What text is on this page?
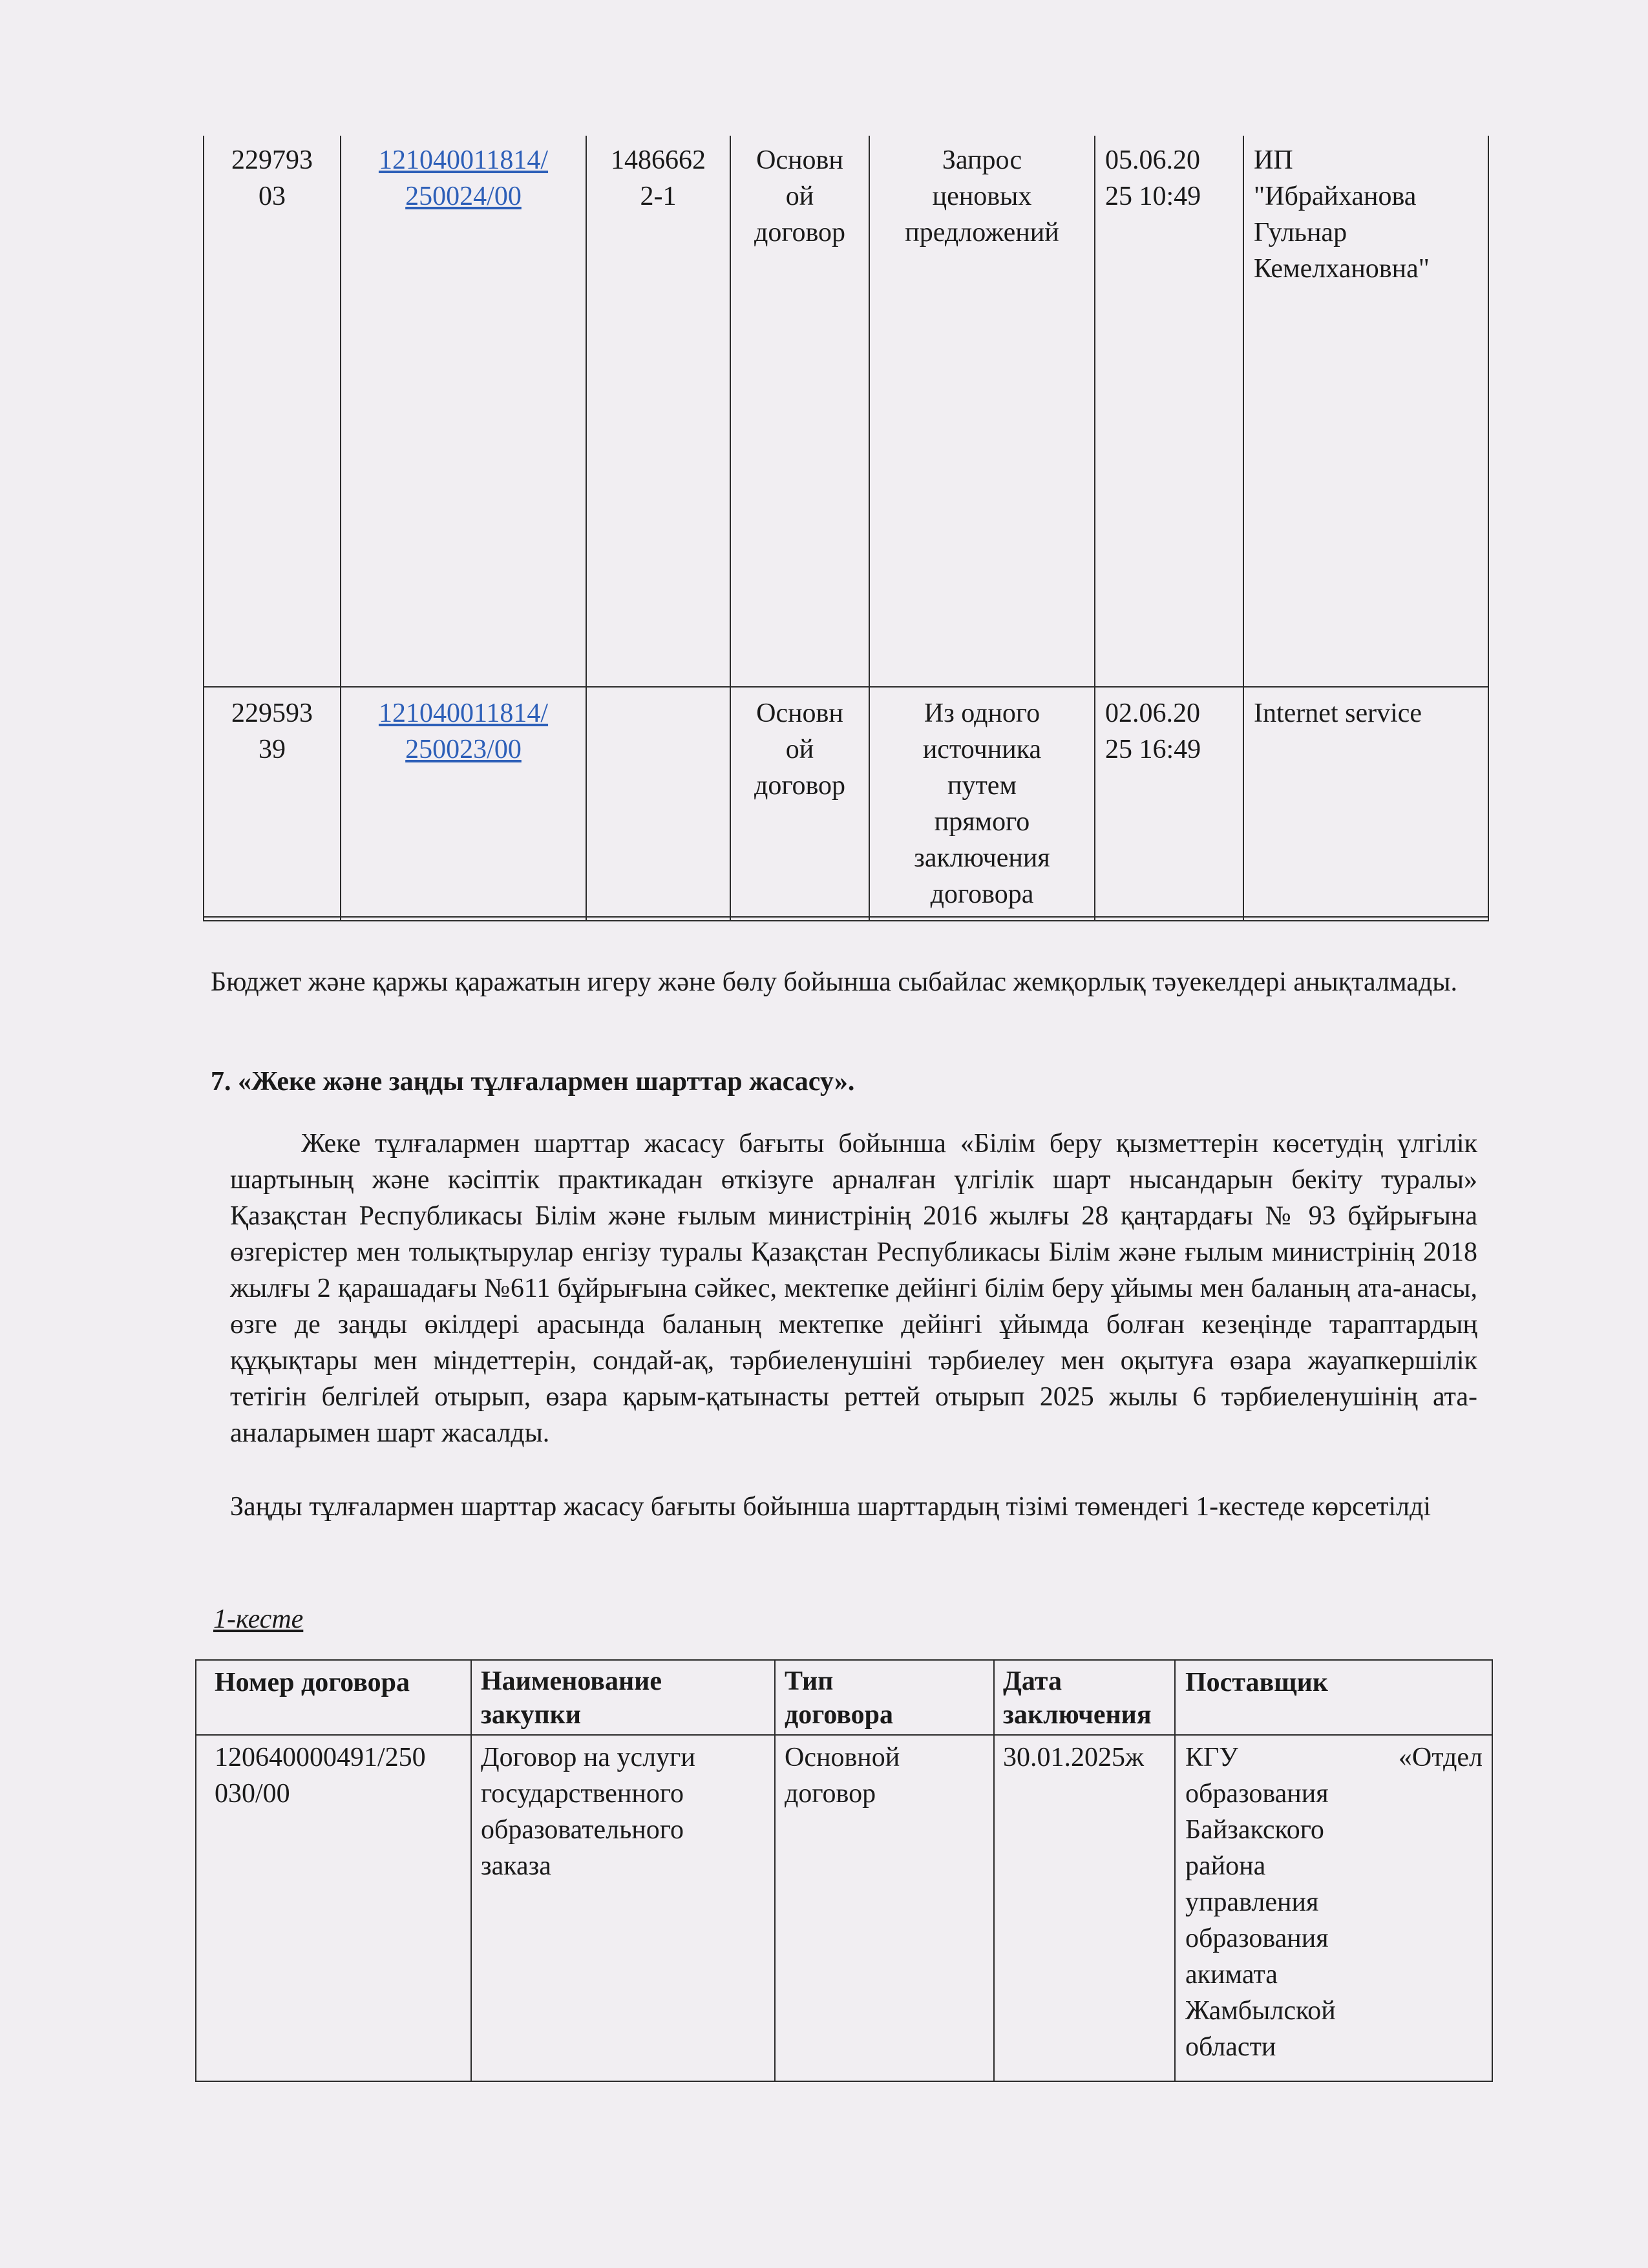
229793
03
121040011814/
250024/00
1486662
2-1
Основн
ой
договор
Запрос
ценовых
предложений
05.06.20
25 10:49
ИП
"Ибрайханова
Гульнар
Кемелхановна"
229593
39
121040011814/
250023/00
Основн
ой
договор
Из одного
источника
путем
прямого
заключения
договора
02.06.20
25 16:49
Internet service
Бюджет және қаржы қаражатын игеру және бөлу бойынша сыбайлас жемқорлық тәуекелдері анықталмады.
7. «Жеке және заңды тұлғалармен шарттар жасасу».
Жеке тұлғалармен шарттар жасасу бағыты бойынша «Білім беру қызметтерін көсетудің үлгілік шартының және кәсіптік практикадан өткізуге арналған үлгілік шарт нысандарын бекіту туралы» Қазақстан Республикасы Білім және ғылым министрінің 2016 жылғы 28 қаңтардағы № 93 бұйрығына өзгерістер мен толықтырулар енгізу туралы Қазақстан Республикасы Білім және ғылым министрінің 2018 жылғы 2 қарашадағы №611 бұйрығына сәйкес, мектепке дейінгі білім беру ұйымы мен баланың ата-анасы, өзге де заңды өкілдері арасында баланың мектепке дейінгі ұйымда болған кезеңінде тараптардың құқықтары мен міндеттерін, сондай-ақ, тәрбиеленушіні тәрбиелеу мен оқытуға өзара жауапкершілік тетігін белгілей отырып, өзара қарым-қатынасты реттей отырып 2025 жылы 6 тәрбиеленушінің ата-аналарымен шарт жасалды.
Заңды тұлғалармен шарттар жасасу бағыты бойынша шарттардың тізімі төмендегі 1-кестеде көрсетілді
1-кесте
Номер договора	Наименование
закупки
Тип
договора
Дата
заключения
Поставщик
120640000491/250
030/00
Договор на услуги
государственного
образовательного
заказа
Основной
договор
30.01.2025ж	КГУ «Отдел
образования
Байзакского
района
управления
образования
акимата
Жамбылской
области
